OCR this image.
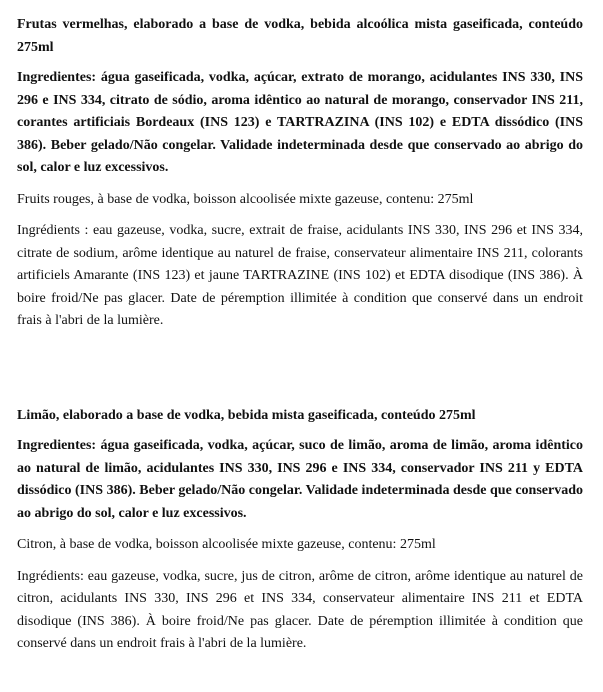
Frutas vermelhas, elaborado a base de vodka, bebida alcoólica mista gaseificada, conteúdo 275ml

Ingredientes: água gaseificada, vodka, açúcar, extrato de morango, acidulantes INS 330, INS 296 e INS 334, citrato de sódio, aroma idêntico ao natural de morango, conservador INS 211, corantes artificiais Bordeaux (INS 123) e TARTRAZINA (INS 102) e EDTA dissódico (INS 386). Beber gelado/Não congelar. Validade indeterminada desde que conservado ao abrigo do sol, calor e luz excessivos.

Fruits rouges, à base de vodka, boisson alcoolisée mixte gazeuse, contenu: 275ml

Ingrédients : eau gazeuse, vodka, sucre, extrait de fraise, acidulants INS 330, INS 296 et INS 334, citrate de sodium, arôme identique au naturel de fraise, conservateur alimentaire INS 211, colorants artificiels Amarante (INS 123) et jaune TARTRAZINE (INS 102) et EDTA disodique (INS 386). À boire froid/Ne pas glacer. Date de péremption illimitée à condition que conservé dans un endroit frais à l'abri de la lumière.

Limão, elaborado a base de vodka, bebida mista gaseificada, conteúdo 275ml

Ingredientes: água gaseificada, vodka, açúcar, suco de limão, aroma de limão, aroma idêntico ao natural de limão, acidulantes INS 330, INS 296 e INS 334, conservador INS 211 y EDTA dissódico (INS 386). Beber gelado/Não congelar. Validade indeterminada desde que conservado ao abrigo do sol, calor e luz excessivos.

Citron, à base de vodka, boisson alcoolisée mixte gazeuse, contenu: 275ml

Ingrédients: eau gazeuse, vodka, sucre, jus de citron, arôme de citron, arôme identique au naturel de citron, acidulants INS 330, INS 296 et INS 334, conservateur alimentaire INS 211 et EDTA disodique (INS 386). À boire froid/Ne pas glacer. Date de péremption illimitée à condition que conservé dans un endroit frais à l'abri de la lumière.
